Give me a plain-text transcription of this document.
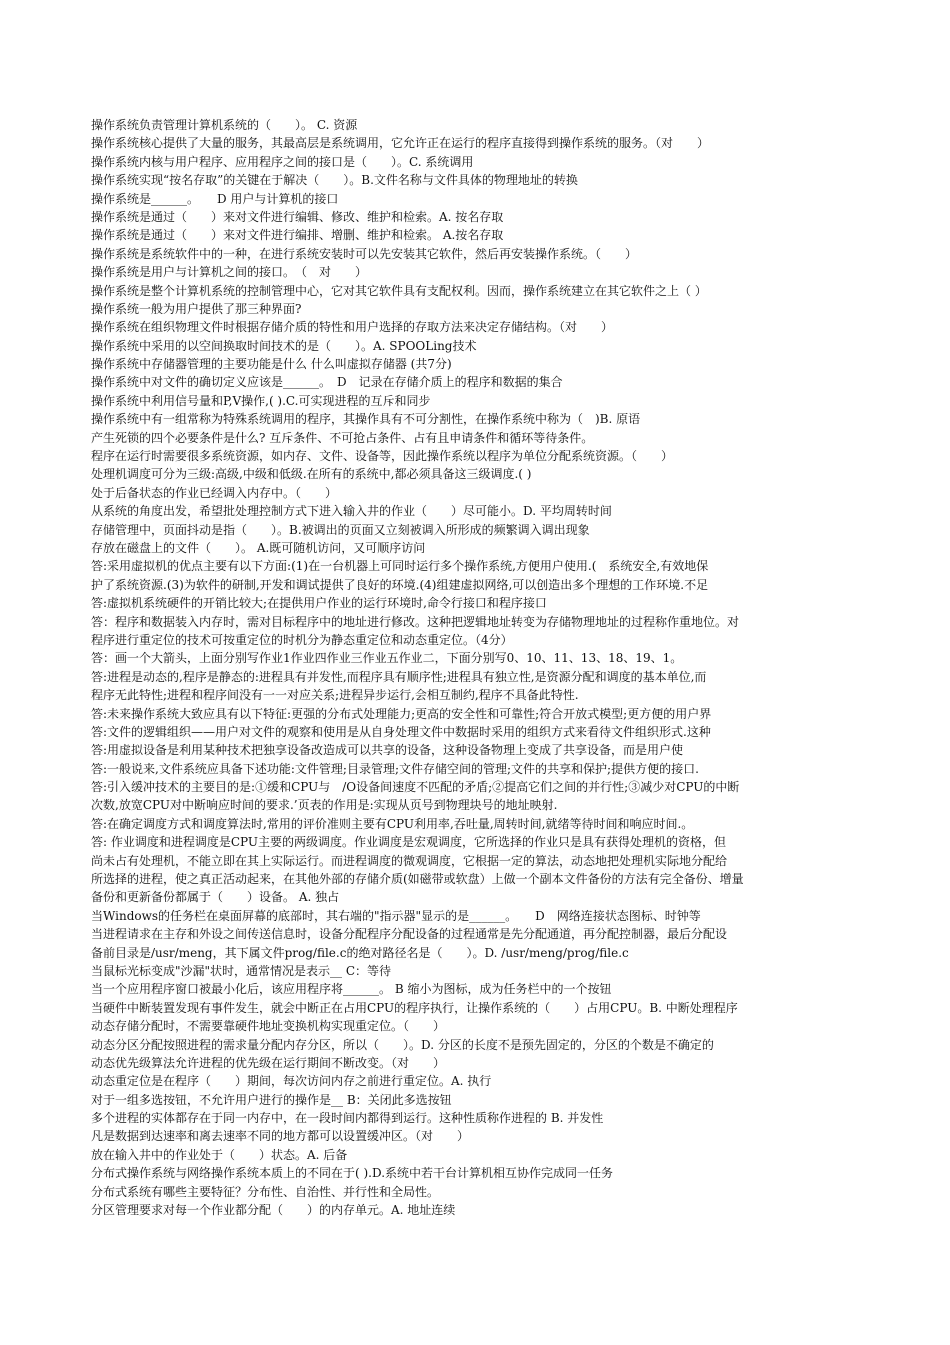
操作系统负责管理计算机系统的（　　）。 C. 资源
操作系统核心提供了大量的服务，其最高层是系统调用，它允许正在运行的程序直接得到操作系统的服务。（对　　）
操作系统内核与用户程序、应用程序之间的接口是（　　）。C. 系统调用
操作系统实现“按名存取”的关键在于解决（　　）。B.文件名称与文件具体的物理地址的转换
操作系统是______。　　D 用户与计算机的接口
操作系统是通过（　　）来对文件进行编辑、修改、维护和检索。A. 按名存取
操作系统是通过（　　）来对文件进行编排、增删、维护和检索。 A.按名存取
操作系统是系统软件中的一种，在进行系统安装时可以先安装其它软件，然后再安装操作系统。（　　）
操作系统是用户与计算机之间的接口。　（　对　　）
操作系统是整个计算机系统的控制管理中心，它对其它软件具有支配权利。因而，操作系统建立在其它软件之上（ ）
操作系统一般为用户提供了那三种界面?
操作系统在组织物理文件时根据存储介质的特性和用户选择的存取方法来决定存储结构。（对　　）
操作系统中采用的以空间换取时间技术的是（　　）。A. SPOOLing技术
操作系统中存储器管理的主要功能是什么 什么叫虚拟存储器 (共7分)
操作系统中对文件的确切定义应该是______。　D　记录在存储介质上的程序和数据的集合
操作系统中利用信号量和P,V操作,( ).C.可实现进程的互斥和同步
操作系统中有一组常称为特殊系统调用的程序，其操作具有不可分割性，在操作系统中称为（　)B. 原语
产生死锁的四个必要条件是什么? 互斥条件、不可抢占条件、占有且申请条件和循环等待条件。
程序在运行时需要很多系统资源，如内存、文件、设备等，因此操作系统以程序为单位分配系统资源。（　　）
处理机调度可分为三级:高级,中级和低级.在所有的系统中,都必须具备这三级调度.( )
处于后备状态的作业已经调入内存中。（　　）
从系统的角度出发，希望批处理控制方式下进入输入井的作业（　　）尽可能小。D. 平均周转时间
存储管理中，页面抖动是指（　　）。B.被调出的页面又立刻被调入所形成的频繁调入调出现象
存放在磁盘上的文件（　　）。 A.既可随机访问，又可顺序访问
答:采用虚拟机的优点主要有以下方面:(1)在一台机器上可同时运行多个操作系统,方便用户使用.(　系统安全,有效地保
护了系统资源.(3)为软件的研制,开发和调试提供了良好的环境.(4)组建虚拟网络,可以创造出多个理想的工作环境.不足
答:虚拟机系统硬件的开销比较大;在提供用户作业的运行环境时,命令行接口和程序接口
答：程序和数据装入内存时，需对目标程序中的地址进行修改。这种把逻辑地址转变为存储物理地址的过程称作重地位。对
程序进行重定位的技术可按重定位的时机分为静态重定位和动态重定位。（4分）
答：画一个大箭头，上面分别写作业1作业四作业三作业五作业二，下面分别写0、10、11、13、18、19、1。
答:进程是动态的,程序是静态的:进程具有并发性,而程序具有顺序性;进程具有独立性,是资源分配和调度的基本单位,而
程序无此特性;进程和程序间没有一一对应关系;进程异步运行,会相互制约,程序不具备此特性.
答:未来操作系统大致应具有以下特征:更强的分布式处理能力;更高的安全性和可靠性;符合开放式模型;更方便的用户界
答:文件的逻辑组织——用户对文件的观察和使用是从自身处理文件中数据时采用的组织方式来看待文件组织形式.这种
答:用虚拟设备是利用某种技术把独享设备改造成可以共享的设备，这种设备物理上变成了共享设备，而是用户使
答:一般说来,文件系统应具备下述功能:文件管理;目录管理;文件存储空间的管理;文件的共享和保护;提供方便的接口.
答:引入缓冲技术的主要目的是:①缓和CPU与　/O设备间速度不匹配的矛盾;②提高它们之间的并行性;③减少对CPU的中断
次数,放宽CPU对中断响应时间的要求.’页表的作用是:实现从页号到物理块号的地址映射.
答:在确定调度方式和调度算法时,常用的评价准则主要有CPU利用率,吞吐量,周转时间,就绪等待时间和响应时间.。
答: 作业调度和进程调度是CPU主要的两级调度。作业调度是宏观调度，它所选择的作业只是具有获得处理机的资格，但
尚未占有处理机，不能立即在其上实际运行。而进程调度的微观调度，它根据一定的算法，动态地把处理机实际地分配给
所选择的进程，使之真正活动起来，在其他外部的存储介质(如磁带或软盘）上做一个副本文件备份的方法有完全备份、增量
备份和更新备份都属于（　　）设备。 A. 独占
当Windows的任务栏在桌面屏幕的底部时，其右端的"指示器"显示的是______。　　D　网络连接状态图标、时钟等
当进程请求在主存和外设之间传送信息时，设备分配程序分配设备的过程通常是先分配通道，再分配控制器，最后分配设
备前目录是/usr/meng，其下属文件prog/file.c的绝对路径名是（　　）。D. /usr/meng/prog/file.c
当鼠标光标变成"沙漏"状时，通常情况是表示__ C：等待
当一个应用程序窗口被最小化后，该应用程序将______。 B 缩小为图标，成为任务栏中的一个按钮
当硬件中断装置发现有事件发生，就会中断正在占用CPU的程序执行，让操作系统的（　　）占用CPU。B. 中断处理程序
动态存储分配时，不需要靠硬件地址变换机构实现重定位。（　　）
动态分区分配按照进程的需求量分配内存分区，所以（　　）。D. 分区的长度不是预先固定的，分区的个数是不确定的
动态优先级算法允许进程的优先级在运行期间不断改变。（对　　）
动态重定位是在程序（　　）期间，每次访问内存之前进行重定位。A. 执行
对于一组多选按钮，不允许用户进行的操作是__ B：关闭此多选按钮
多个进程的实体都存在于同一内存中，在一段时间内都得到运行。这种性质称作进程的 B. 并发性
凡是数据到达速率和离去速率不同的地方都可以设置缓冲区。（对　　）
放在输入井中的作业处于（　　）状态。A. 后备
分布式操作系统与网络操作系统本质上的不同在于( ).D.系统中若干台计算机相互协作完成同一任务
分布式系统有哪些主要特征？分布性、自治性、并行性和全局性。
分区管理要求对每一个作业都分配（　　）的内存单元。A. 地址连续
